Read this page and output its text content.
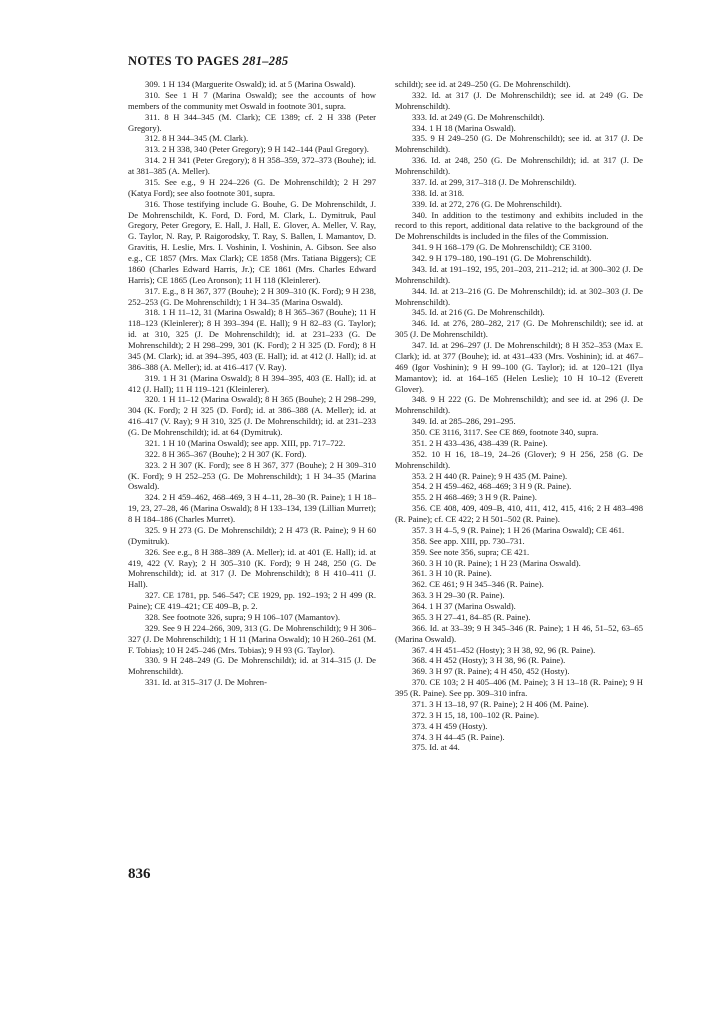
NOTES TO PAGES 281–285

309. 1 H 134 (Marguerite Oswald); id. at 5 (Marina Oswald).

310. See 1 H 7 (Marina Oswald); see the accounts of how members of the community met Oswald in footnote 301, supra.

311. 8 H 344–345 (M. Clark); CE 1389; cf. 2 H 338 (Peter Gregory).

312. 8 H 344–345 (M. Clark).

313. 2 H 338, 340 (Peter Gregory); 9 H 142–144 (Paul Gregory).

314. 2 H 341 (Peter Gregory); 8 H 358–359, 372–373 (Bouhe); id. at 381–385 (A. Meller).

315. See e.g., 9 H 224–226 (G. De Mohrenschildt); 2 H 297 (Katya Ford); see also footnote 301, supra.

316. Those testifying include G. Bouhe, G. De Mohrenschildt, J. De Mohrenschildt, K. Ford, D. Ford, M. Clark, L. Dymitruk, Paul Gregory, Peter Gregory, E. Hall, J. Hall, E. Glover, A. Meller, V. Ray, G. Taylor, N. Ray, P. Raigorodsky, T. Ray, S. Ballen, I. Mamantov, D. Gravitis, H. Leslie, Mrs. I. Voshinin, I. Voshinin, A. Gibson. See also e.g., CE 1857 (Mrs. Max Clark); CE 1858 (Mrs. Tatiana Biggers); CE 1860 (Charles Edward Harris, Jr.); CE 1861 (Mrs. Charles Edward Harris); CE 1865 (Leo Aronson); 11 H 118 (Kleinlerer).

317. E.g., 8 H 367, 377 (Bouhe); 2 H 309–310 (K. Ford); 9 H 238, 252–253 (G. De Mohrenschildt); 1 H 34–35 (Marina Oswald).

318. 1 H 11–12, 31 (Marina Oswald); 8 H 365–367 (Bouhe); 11 H 118–123 (Kleinlerer); 8 H 393–394 (E. Hall); 9 H 82–83 (G. Taylor); id. at 310, 325 (J. De Mohrenschildt); id. at 231–233 (G. De Mohrenschildt); 2 H 298–299, 301 (K. Ford); 2 H 325 (D. Ford); 8 H 345 (M. Clark); id. at 394–395, 403 (E. Hall); id. at 412 (J. Hall); id. at 386–388 (A. Meller); id. at 416–417 (V. Ray).

319. 1 H 31 (Marina Oswald); 8 H 394–395, 403 (E. Hall); id. at 412 (J. Hall); 11 H 119–121 (Kleinlerer).

320. 1 H 11–12 (Marina Oswald); 8 H 365 (Bouhe); 2 H 298–299, 304 (K. Ford); 2 H 325 (D. Ford); id. at 386–388 (A. Meller); id. at 416–417 (V. Ray); 9 H 310, 325 (J. De Mohrenschildt); id. at 231–233 (G. De Mohrenschildt); id. at 64 (Dymitruk).

321. 1 H 10 (Marina Oswald); see app. XIII, pp. 717–722.

322. 8 H 365–367 (Bouhe); 2 H 307 (K. Ford).

323. 2 H 307 (K. Ford); see 8 H 367, 377 (Bouhe); 2 H 309–310 (K. Ford); 9 H 252–253 (G. De Mohrenschildt); 1 H 34–35 (Marina Oswald).

324. 2 H 459–462, 468–469, 3 H 4–11, 28–30 (R. Paine); 1 H 18–19, 23, 27–28, 46 (Marina Oswald); 8 H 133–134, 139 (Lillian Murret); 8 H 184–186 (Charles Murret).

325. 9 H 273 (G. De Mohrenschildt); 2 H 473 (R. Paine); 9 H 60 (Dymitruk).

326. See e.g., 8 H 388–389 (A. Meller); id. at 401 (E. Hall); id. at 419, 422 (V. Ray); 2 H 305–310 (K. Ford); 9 H 248, 250 (G. De Mohrenschildt); id. at 317 (J. De Mohrenschildt); 8 H 410–411 (J. Hall).

327. CE 1781, pp. 546–547; CE 1929, pp. 192–193; 2 H 499 (R. Paine); CE 419–421; CE 409–B, p. 2.

328. See footnote 326, supra; 9 H 106–107 (Mamantov).

329. See 9 H 224–266, 309, 313 (G. De Mohrenschildt); 9 H 306–327 (J. De Mohrenschildt); 1 H 11 (Marina Oswald); 10 H 260–261 (M. F. Tobias); 10 H 245–246 (Mrs. Tobias); 9 H 93 (G. Taylor).

330. 9 H 248–249 (G. De Mohrenschildt); id. at 314–315 (J. De Mohrenschildt).

331. Id. at 315–317 (J. De Mohren-

schildt); see id. at 249–250 (G. De Mohrenschildt).

332. Id. at 317 (J. De Mohrenschildt); see id. at 249 (G. De Mohrenschildt).

333. Id. at 249 (G. De Mohrenschildt).

334. 1 H 18 (Marina Oswald).

335. 9 H 249–250 (G. De Mohrenschildt); see id. at 317 (J. De Mohrenschildt).

336. Id. at 248, 250 (G. De Mohrenschildt); id. at 317 (J. De Mohrenschildt).

337. Id. at 299, 317–318 (J. De Mohrenschildt).

338. Id. at 318.

339. Id. at 272, 276 (G. De Mohrenschildt).

340. In addition to the testimony and exhibits included in the record to this report, additional data relative to the background of the De Mohrenschildts is included in the files of the Commission.

341. 9 H 168–179 (G. De Mohrenschildt); CE 3100.

342. 9 H 179–180, 190–191 (G. De Mohrenschildt).

343. Id. at 191–192, 195, 201–203, 211–212; id. at 300–302 (J. De Mohrenschildt).

344. Id. at 213–216 (G. De Mohrenschildt); id. at 302–303 (J. De Mohrenschildt).

345. Id. at 216 (G. De Mohrenschildt).

346. Id. at 276, 280–282, 217 (G. De Mohrenschildt); see id. at 305 (J. De Mohrenschildt).

347. Id. at 296–297 (J. De Mohrenschildt); 8 H 352–353 (Max E. Clark); id. at 377 (Bouhe); id. at 431–433 (Mrs. Voshinin); id. at 467–469 (Igor Voshinin); 9 H 99–100 (G. Taylor); id. at 120–121 (Ilya Mamantov); id. at 164–165 (Helen Leslie); 10 H 10–12 (Everett Glover).

348. 9 H 222 (G. De Mohrenschildt); and see id. at 296 (J. De Mohrenschildt).

349. Id. at 285–286, 291–295.

350. CE 3116, 3117. See CE 869, footnote 340, supra.

351. 2 H 433–436, 438–439 (R. Paine).

352. 10 H 16, 18–19, 24–26 (Glover); 9 H 256, 258 (G. De Mohrenschildt).

353. 2 H 440 (R. Paine); 9 H 435 (M. Paine).

354. 2 H 459–462, 468–469; 3 H 9 (R. Paine).

355. 2 H 468–469; 3 H 9 (R. Paine).

356. CE 408, 409, 409–B, 410, 411, 412, 415, 416; 2 H 483–498 (R. Paine); cf. CE 422; 2 H 501–502 (R. Paine).

357. 3 H 4–5, 9 (R. Paine); 1 H 26 (Marina Oswald); CE 461.

358. See app. XIII, pp. 730–731.

359. See note 356, supra; CE 421.

360. 3 H 10 (R. Paine); 1 H 23 (Marina Oswald).

361. 3 H 10 (R. Paine).

362. CE 461; 9 H 345–346 (R. Paine).

363. 3 H 29–30 (R. Paine).

364. 1 H 37 (Marina Oswald).

365. 3 H 27–41, 84–85 (R. Paine).

366. Id. at 33–39; 9 H 345–346 (R. Paine); 1 H 46, 51–52, 63–65 (Marina Oswald).

367. 4 H 451–452 (Hosty); 3 H 38, 92, 96 (R. Paine).

368. 4 H 452 (Hosty); 3 H 38, 96 (R. Paine).

369. 3 H 97 (R. Paine); 4 H 450, 452 (Hosty).

370. CE 103; 2 H 405–406 (M. Paine); 3 H 13–18 (R. Paine); 9 H 395 (R. Paine). See pp. 309–310 infra.

371. 3 H 13–18, 97 (R. Paine); 2 H 406 (M. Paine).

372. 3 H 15, 18, 100–102 (R. Paine).

373. 4 H 459 (Hosty).

374. 3 H 44–45 (R. Paine).

375. Id. at 44.

836
